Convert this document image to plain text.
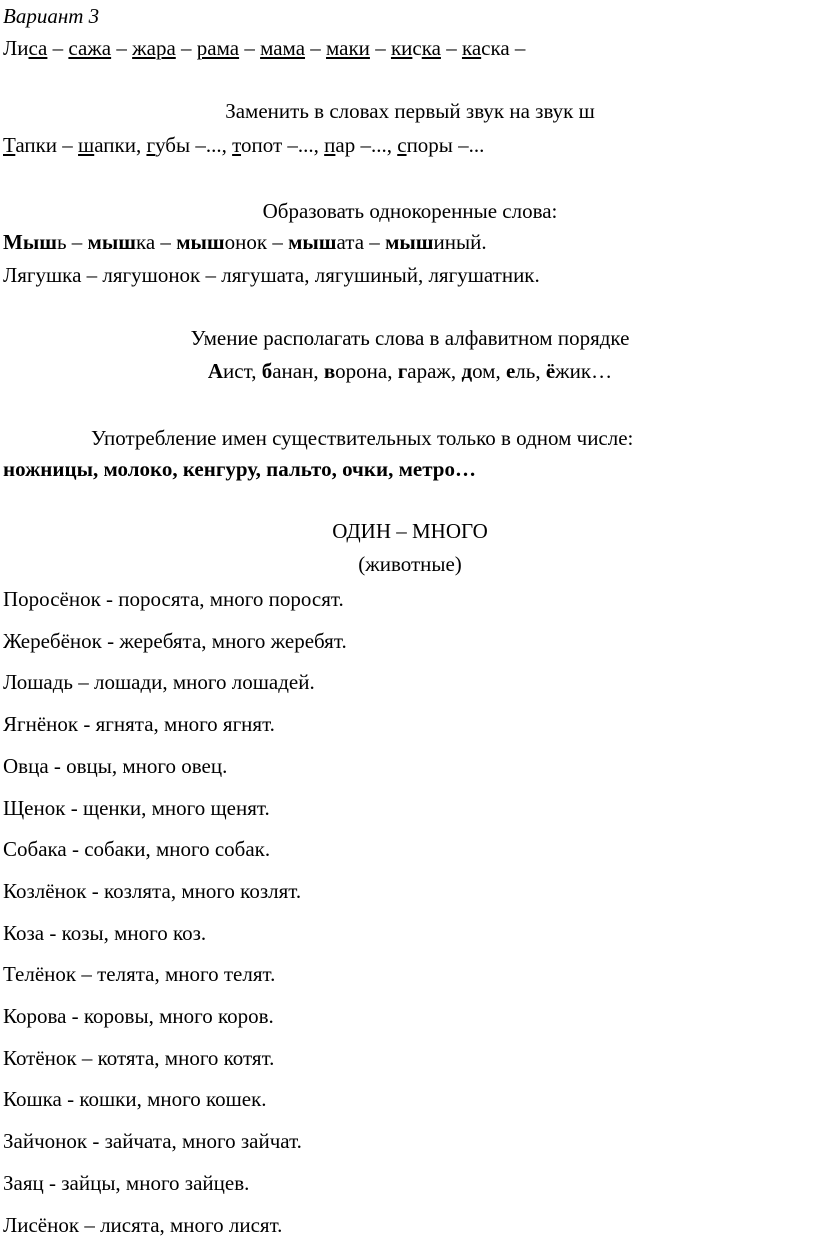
Вариант 3
Лиса – сажа – жара – рама – мама – маки – киска – каска –
Заменить в словах первый звук на звук ш
Тапки – шапки, губы –..., топот –..., пар –..., споры –...
Образовать однокоренные слова:
Мышь – мышка – мышонок – мышата – мышиный.
Лягушка – лягушонок – лягушата, лягушиный, лягушатник.
Умение располагать слова в алфавитном порядке
Аист, банан, ворона, гараж, дом, ель, ёжик…
Употребление имен существительных только в одном числе:
ножницы, молоко, кенгуру, пальто, очки, метро…
ОДИН – МНОГО
(животные)
Поросёнок - поросята, много поросят.
Жеребёнок - жеребята, много жеребят.
Лошадь – лошади, много лошадей.
Ягнёнок - ягнята, много ягнят.
Овца - овцы, много овец.
Щенок - щенки, много щенят.
Собака - собаки, много собак.
Козлёнок - козлята, много козлят.
Коза - козы, много коз.
Телёнок – телята, много телят.
Корова - коровы, много коров.
Котёнок – котята, много котят.
Кошка - кошки, много кошек.
Зайчонок - зайчата, много зайчат.
Заяц - зайцы, много зайцев.
Лисёнок – лисята, много лисят.
